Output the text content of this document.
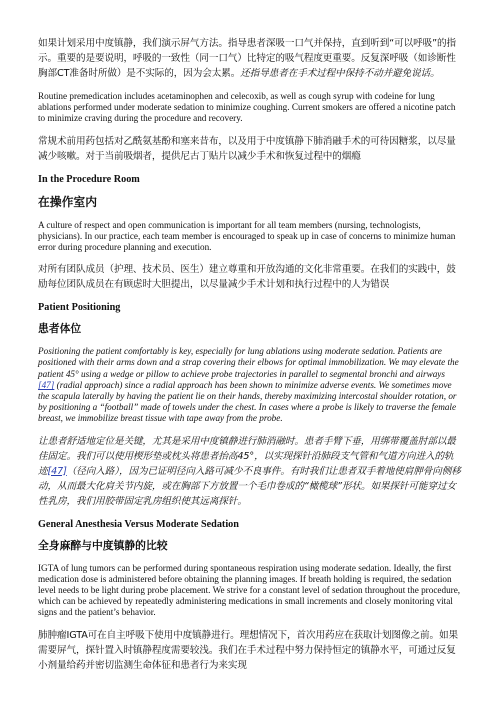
如果计划采用中度镇静，我们演示屏气方法。指导患者深吸一口气并保持，直到听到“可以呼吸”的指示。重要的是要说明，呼吸的一致性（同一口气）比特定的吸气程度更重要。反复深呼吸（如诊断性胸部CT准备时所做）是不实际的，因为会太累。还指导患者在手术过程中保持不动并避免说话。

Routine premedication includes acetaminophen and celecoxib, as well as cough syrup with codeine for lung ablations performed under moderate sedation to minimize coughing. Current smokers are offered a nicotine patch to minimize craving during the procedure and recovery.

常规术前用药包括对乙酰氨基酚和塞来昔布，以及用于中度镇静下肺消融手术的可待因糖浆，以尽量减少咳嗽。对于当前吸烟者，提供尼古丁贴片以减少手术和恢复过程中的烟瘾

In the Procedure Room

在操作室内

A culture of respect and open communication is important for all team members (nursing, technologists, physicians). In our practice, each team member is encouraged to speak up in case of concerns to minimize human error during procedure planning and execution.

对所有团队成员（护理、技术员、医生）建立尊重和开放沟通的文化非常重要。在我们的实践中，鼓励每位团队成员在有顾虑时大胆提出，以尽量减少手术计划和执行过程中的人为错误

Patient Positioning

患者体位

Positioning the patient comfortably is key, especially for lung ablations using moderate sedation. Patients are positioned with their arms down and a strap covering their elbows for optimal immobilization. We may elevate the patient 45° using a wedge or pillow to achieve probe trajectories in parallel to segmental bronchi and airways [47] (radial approach) since a radial approach has been shown to minimize adverse events. We sometimes move the scapula laterally by having the patient lie on their hands, thereby maximizing intercostal shoulder rotation, or by positioning a “football” made of towels under the chest. In cases where a probe is likely to traverse the female breast, we immobilize breast tissue with tape away from the probe.

让患者舒适地定位是关键，尤其是采用中度镇静进行肺消融时。患者手臂下垂，用绑带覆盖肘部以最佳固定。我们可以使用楔形垫或枕头将患者抬高45°，以实现探针沿肺段支气管和气道方向进入的轨迹[47]（径向入路），因为已证明径向入路可减少不良事件。有时我们让患者双手着地使肩胛骨向侧移动，从而最大化肩关节内旋，或在胸部下方放置一个毛巾卷成的“橄榄球”形状。如果探针可能穿过女性乳房，我们用胶带固定乳房组织使其远离探针。

General Anesthesia Versus Moderate Sedation

全身麻醉与中度镇静的比较

IGTA of lung tumors can be performed during spontaneous respiration using moderate sedation. Ideally, the first medication dose is administered before obtaining the planning images. If breath holding is required, the sedation level needs to be light during probe placement. We strive for a constant level of sedation throughout the procedure, which can be achieved by repeatedly administering medications in small increments and closely monitoring vital signs and the patient’s behavior.

肺肿瘤IGTA可在自主呼吸下使用中度镇静进行。理想情况下，首次用药应在获取计划图像之前。如果需要屏气，探针置入时镇静程度需要较浅。我们在手术过程中努力保持恒定的镇静水平，可通过反复小剂量给药并密切监测生命体征和患者行为来实现
